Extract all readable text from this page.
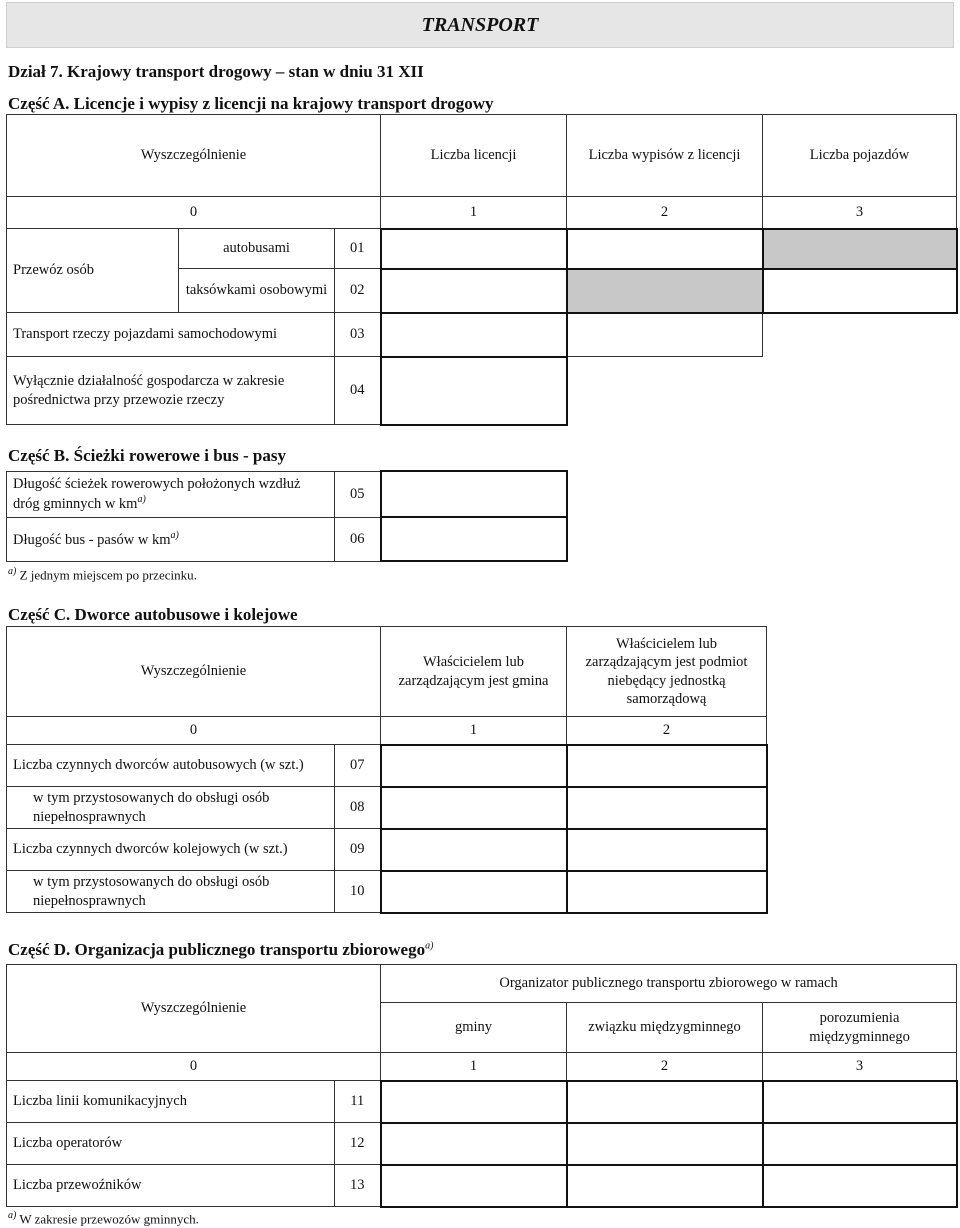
TRANSPORT
Dział 7. Krajowy transport drogowy – stan w dniu 31 XII
Część A. Licencje i wypisy z licencji na krajowy transport drogowy
Wyszczególnienie			Liczba licencji	Liczba wypisów z licencji	Liczba pojazdów
0			1	2	3
Przewóz osób	autobusami	01			
	taksówkami osobowymi	02			
Transport rzeczy pojazdami samochodowymi		03			
Wyłącznie działalność gospodarcza w zakresie pośrednictwa przy przewozie rzeczy		04			
Część B. Ścieżki rowerowe i bus - pasy
Długość ścieżek rowerowych położonych wzdłuż dróg gminnych w $km^{a)}$	05		
Długość bus - pasów w $km^{a)}$	06		
$^{a)}$ Z jednym miejscem po przecinku.
Część C. Dworce autobusowe i kolejowe
Wyszczególnienie		Właścicielem lub zarządzającym jest gmina	Właścicielem lub zarządzającym jest podmiot niebędący jednostką samorządową
0		1	2
Liczba czynnych dworców autobusowych (w szt.)	07		
w tym przystosowanych do obsługi osób niepełnosprawnych	08		
Liczba czynnych dworców kolejowych (w szt.)	09		
w tym przystosowanych do obsługi osób niepełnosprawnych	10		
Część D. Organizacja publicznego transportu zbiorowego$^{a)}$
Wyszczególnienie		Organizator publicznego transportu zbiorowego w ramach		
		gminy	związku międzygminnego	porozumienia międzygminnego
0		1	2	3
Liczba linii komunikacyjnych	11			
Liczba operatorów	12			
Liczba przewoźników	13			
$^{a)}$ W zakresie przewozów gminnych.
